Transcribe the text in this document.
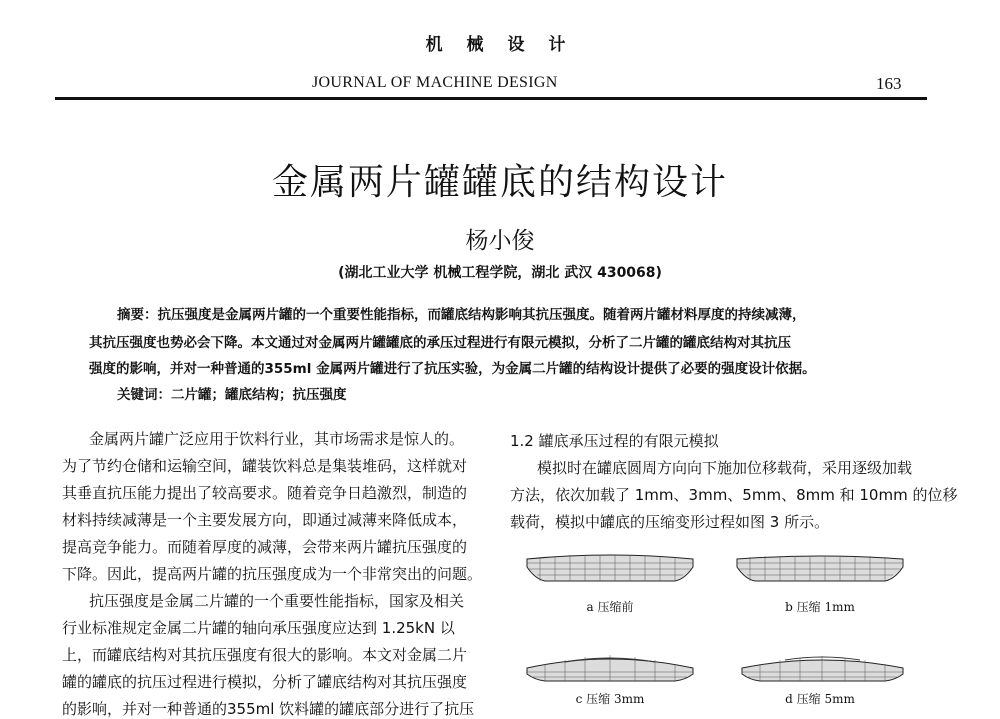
机 械 设 计
JOURNAL OF MACHINE DESIGN	163
金属两片罐罐底的结构设计
杨小俊
(湖北工业大学 机械工程学院，湖北 武汉 430068)
摘要：抗压强度是金属两片罐的一个重要性能指标，而罐底结构影响其抗压强度。随着两片罐材料厚度的持续减薄，
其抗压强度也势必会下降。本文通过对金属两片罐罐底的承压过程进行有限元模拟，分析了二片罐的罐底结构对其抗压
强度的影响，并对一种普通的355ml 金属两片罐进行了抗压实验，为金属二片罐的结构设计提供了必要的强度设计依据。
关键词：二片罐；罐底结构；抗压强度
金属两片罐广泛应用于饮料行业，其市场需求是惊人的。
为了节约仓储和运输空间，罐装饮料总是集装堆码，这样就对
其垂直抗压能力提出了较高要求。随着竞争日趋激烈，制造的
材料持续减薄是一个主要发展方向，即通过减薄来降低成本，
提高竞争能力。而随着厚度的减薄，会带来两片罐抗压强度的
下降。因此，提高两片罐的抗压强度成为一个非常突出的问题。
抗压强度是金属二片罐的一个重要性能指标，国家及相关
行业标准规定金属二片罐的轴向承压强度应达到 1.25kN 以
上，而罐底结构对其抗压强度有很大的影响。本文对金属二片
罐的罐底的抗压过程进行模拟，分析了罐底结构对其抗压强度
的影响，并对一种普通的355ml 饮料罐的罐底部分进行了抗压
1.2 罐底承压过程的有限元模拟
模拟时在罐底圆周方向向下施加位移载荷，采用逐级加载
方法，依次加载了 1mm、3mm、5mm、8mm 和 10mm 的位移
载荷，模拟中罐底的压缩变形过程如图 3 所示。
a 压缩前	b 压缩 1mm
c 压缩 3mm	d 压缩 5mm
